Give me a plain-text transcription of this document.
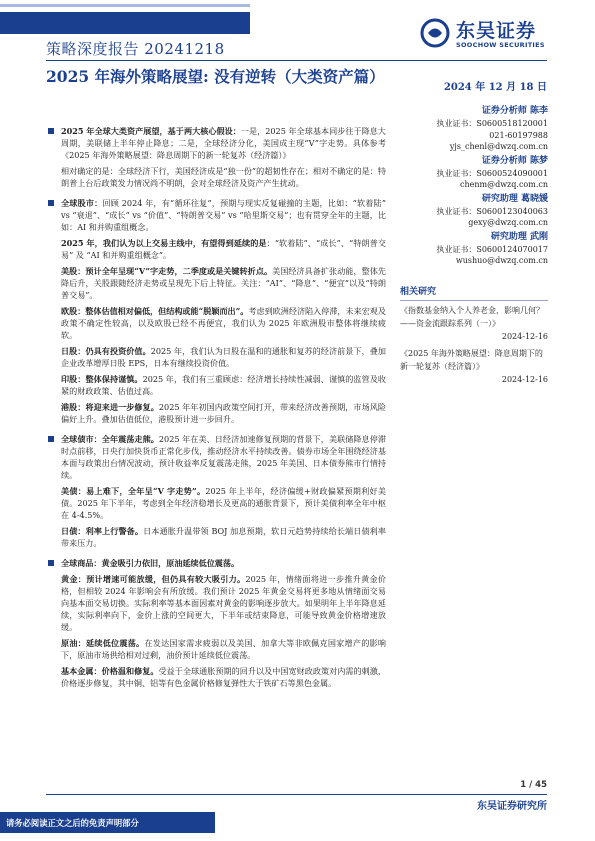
策略深度报告 20241218
东吴证券
SOOCHOW SECURITIES
2025 年海外策略展望: 没有逆转（大类资产篇）
2024 年 12 月 18 日

2025 年全球大类资产展望，基于两大核心假设：一是，2025 年全球基本同步往于降息大周期，美联储上半年停止降息；二是，全球经济分化，美国成主现“V”字走势。具体参考《2025 年海外策略展望：降息周期下的新一轮复苏（经济篇）》

相对确定的是：全球经济下行，美国经济成是“独一份”的超韧性存在；相对不确定的是：特朗普上台后政策发力情况尚不明朗，会对全球经济及资产产生扰动。

全球股市：回顾 2024 年，有“循环往复”，预期与现实反复碰撞的主题，比如：“软着陆” vs “衰退”、“成长” vs “价值”、“特朗普交易” vs “哈里斯交易”；也有贯穿全年的主题，比如：AI 和并购重组概念。

2025 年，我们认为以上交易主线中，有望得到延续的是：“软着陆”、“成长”、“特朗普交易” 及 “AI 和并购重组概念”。

美股：预计全年呈现“V”字走势，二季度或是关键转折点。美国经济具备扩张动能，整体先降后升，关股跟随经济走势或呈现先下后上特征。关注：“AI”、“降息”、“便宜”以及“特朗普交易”。

欧股：整体估值相对偏低，但结构或能“脱颖而出”。考虑到欧洲经济陷入停滞，未来宏观及政策不确定性较高，以及欧股已经不再便宜，我们认为 2025 年欧洲股市整体将继续疲软。

日股：仍具有投资价值。2025 年，我们认为日股在温和的通胀和复苏的经济前景下，叠加企业改革增厚日股 EPS，日本有继续投资价值。

印股：整体保持谨慎。2025 年，我们有三重顾虑：经济增长持续性减弱、谨慎的监管及收紧的财政政策、估值过高。

港股：将迎来进一步修复。2025 年年初国内政策空间打开，带来经济改善预期，市场风险偏好上升。叠加估值低位，港股预计进一步回升。

全球债市：全年震荡走熊。2025 年在美、日经济加速修复预期的背景下，美联储降息停滞时点前移，日央行加快货币正常化步伐，推动经济水平持续改善。债券市场全年围绕经济基本面与政策出台情况波动，预计收益率反复震荡走熊，2025 年美国、日本债券熊市行情持续。

美债：易上难下，全年呈“V 字走势”。2025 年上半年，经济偏缓+财政偏紧预期利好美债。2025 年下半年，考虑到全年经济稳增长及更高的通胀背景下，预计美债利率全年中枢在 4-4.5%。

日债：利率上行警备。日本通胀升温带领 BOJ 加息预期，软日元趋势持续给长端日债利率带来压力。

全球商品：黄金吸引力依旧，原油延续低位震荡。

黄金：预计增速可能放缓，但仍具有较大吸引力。2025 年，情绪面将进一步推升黄金价格，但相较 2024 年影响会有所放缓。我们预计 2025 年黄金交易将更多地从情绪面交易向基本面交易切换。实际利率等基本面因素对黄金的影响逐步放大。如果明年上半年降息延续，实际利率向下，金价上涨的空间更大，下半年或结束降息，可能导致黄金价格增速放缓。

原油：延续低位震荡。在发达国家需求疲弱以及美国、加拿大等非欧佩克国家增产的影响下，原油市场供给相对过剩，油价预计延续低位震荡。

基本金属：价格温和修复。受益于全球通胀预期的回升以及中国宽财政政策对内需的刺激，价格逐步修复，其中铜、铝等有色金属价格修复弹性大于铁矿石等黑色金属。

证券分析师 陈李
执业证书：S0600518120001
021-60197988
yjs_chenl@dwzq.com.cn
证券分析师 陈梦
执业证书：S0600524090001
chenm@dwzq.com.cn
研究助理 葛晓媛
执业证书：S0600123040063
gexy@dwzq.com.cn
研究助理 武刚
执业证书：S0600124070017
wushuo@dwzq.com.cn
相关研究
《指数基金纳入个人养老金，影响几何？——资金流跟踪系列（一）》
2024-12-16
《2025 年海外策略展望：降息周期下的新一轮复苏（经济篇）》
2024-12-16
1 / 45
东吴证券研究所
请务必阅读正文之后的免责声明部分
